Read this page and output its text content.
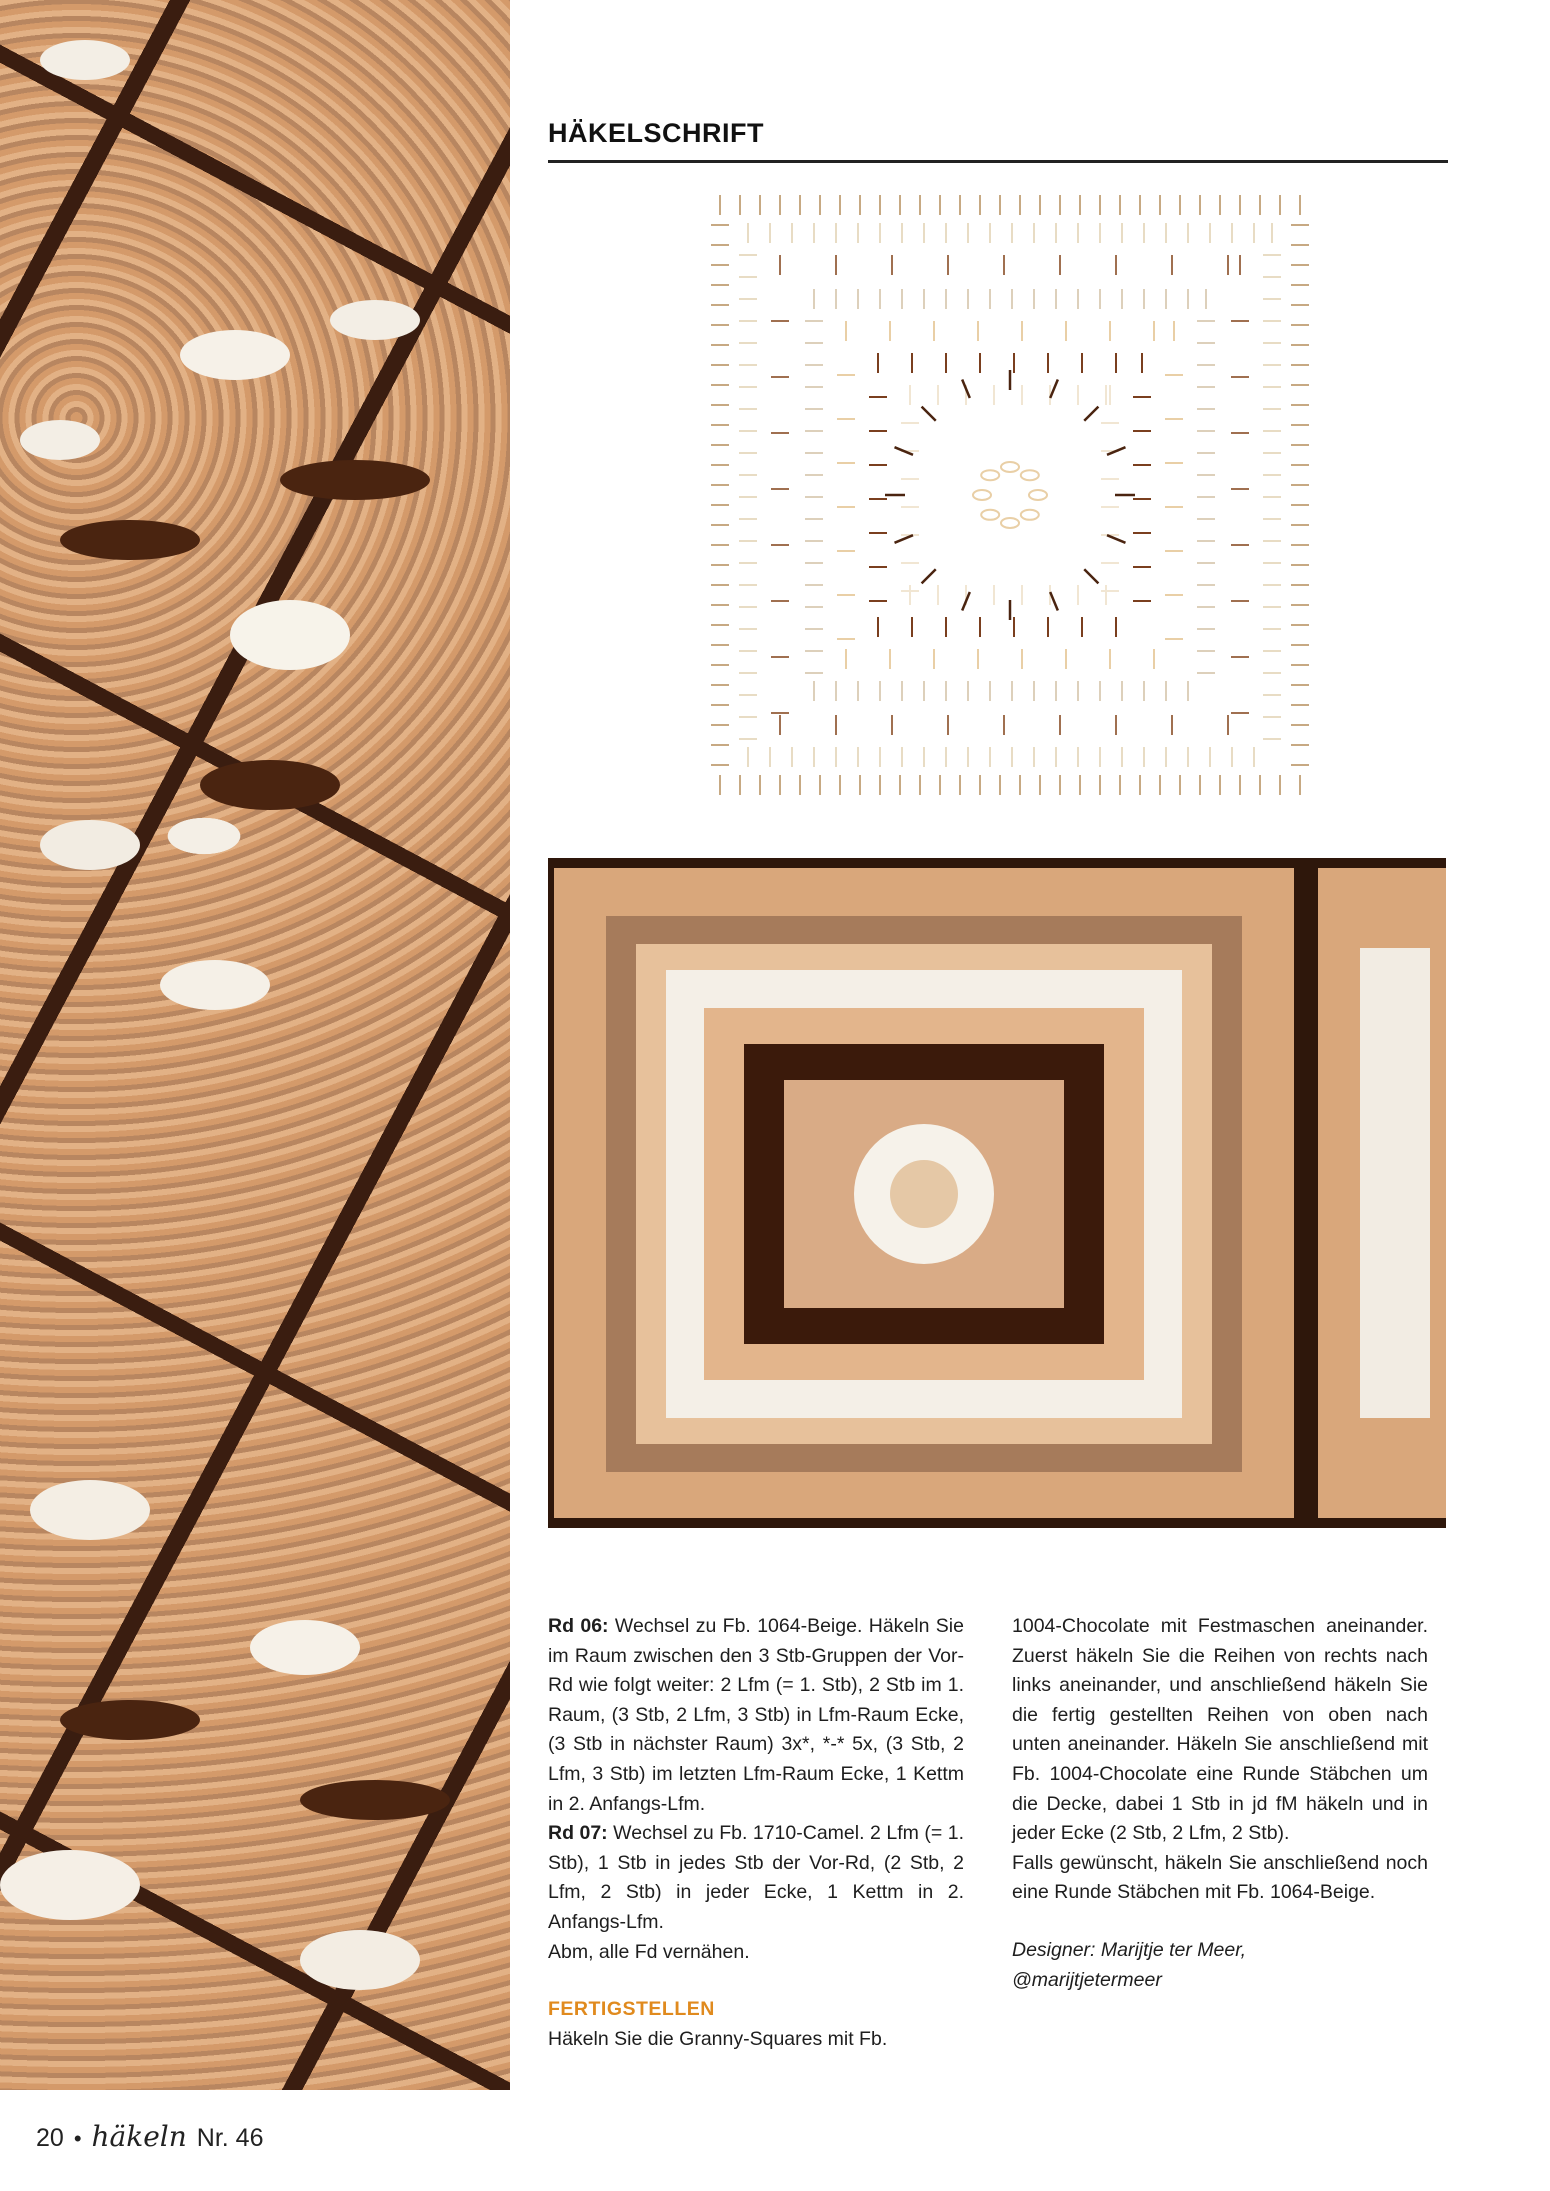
HÄKELSCHRIFT

Rd 06: Wechsel zu Fb. 1064-Beige. Häkeln Sie im Raum zwischen den 3 Stb-Gruppen der Vor-Rd wie folgt weiter: 2 Lfm (= 1. Stb), 2 Stb im 1. Raum, (3 Stb, 2 Lfm, 3 Stb) in Lfm-Raum Ecke, (3 Stb in nächster Raum) 3x*, *-* 5x, (3 Stb, 2 Lfm, 3 Stb) im letzten Lfm-Raum Ecke, 1 Kettm in 2. Anfangs-Lfm.

Rd 07: Wechsel zu Fb. 1710-Camel. 2 Lfm (= 1. Stb), 1 Stb in jedes Stb der Vor-Rd, (2 Stb, 2 Lfm, 2 Stb) in jeder Ecke, 1 Kettm in 2. Anfangs-Lfm.

Abm, alle Fd vernähen.

FERTIGSTELLEN

Häkeln Sie die Granny-Squares mit Fb.

1004-Chocolate mit Festmaschen aneinander. Zuerst häkeln Sie die Reihen von rechts nach links aneinander, und anschließend häkeln Sie die fertig gestellten Reihen von oben nach unten aneinander. Häkeln Sie anschließend mit Fb. 1004-Chocolate eine Runde Stäbchen um die Decke, dabei 1 Stb in jd fM häkeln und in jeder Ecke (2 Stb, 2 Lfm, 2 Stb).

Falls gewünscht, häkeln Sie anschließend noch eine Runde Stäbchen mit Fb. 1064-Beige.

Designer: Marijtje ter Meer,

@marijtjetermeer

20 • häkeln Nr. 46
